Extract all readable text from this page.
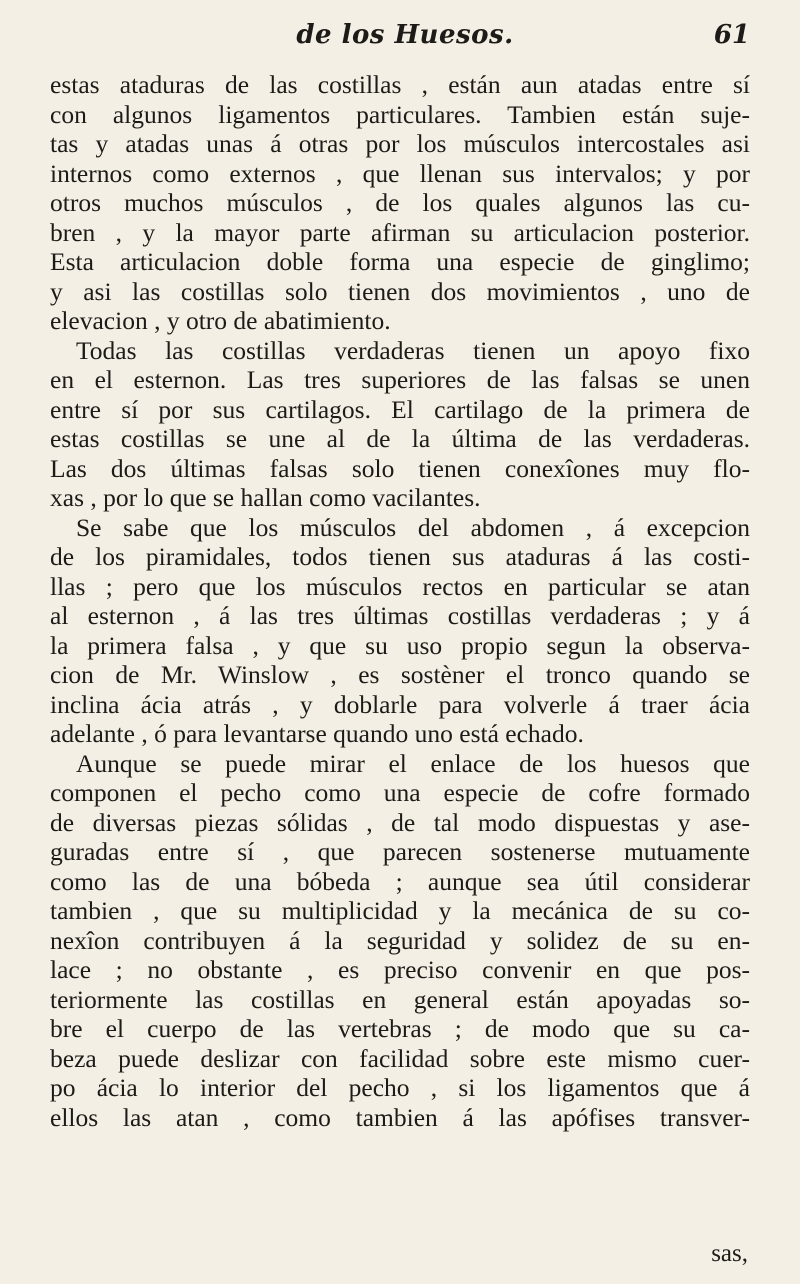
de los Huesos.	61
estas ataduras de las costillas , están aun atadas entre sí
con algunos ligamentos particulares. Tambien están suje-
tas y atadas unas á otras por los músculos intercostales asi
internos como externos , que llenan sus intervalos; y por
otros muchos músculos , de los quales algunos las cu-
bren , y la mayor parte afirman su articulacion posterior.
Esta articulacion doble forma una especie de ginglimo;
y asi las costillas solo tienen dos movimientos , uno de
elevacion , y otro de abatimiento.
Todas las costillas verdaderas tienen un apoyo fixo
en el esternon. Las tres superiores de las falsas se unen
entre sí por sus cartilagos. El cartilago de la primera de
estas costillas se une al de la última de las verdaderas.
Las dos últimas falsas solo tienen conexîones muy flo-
xas , por lo que se hallan como vacilantes.
Se sabe que los músculos del abdomen , á excepcion
de los piramidales, todos tienen sus ataduras á las costi-
llas ; pero que los músculos rectos en particular se atan
al esternon , á las tres últimas costillas verdaderas ; y á
la primera falsa , y que su uso propio segun la observa-
cion de Mr. Winslow , es sostèner el tronco quando se
inclina ácia atrás , y doblarle para volverle á traer ácia
adelante , ó para levantarse quando uno está echado.
Aunque se puede mirar el enlace de los huesos que
componen el pecho como una especie de cofre formado
de diversas piezas sólidas , de tal modo dispuestas y ase-
guradas entre sí , que parecen sostenerse mutuamente
como las de una bóbeda ; aunque sea útil considerar
tambien , que su multiplicidad y la mecánica de su co-
nexîon contribuyen á la seguridad y solidez de su en-
lace ; no obstante , es preciso convenir en que pos-
teriormente las costillas en general están apoyadas so-
bre el cuerpo de las vertebras ; de modo que su ca-
beza puede deslizar con facilidad sobre este mismo cuer-
po ácia lo interior del pecho , si los ligamentos que á
ellos las atan , como tambien á las apófises transver-
sas,
